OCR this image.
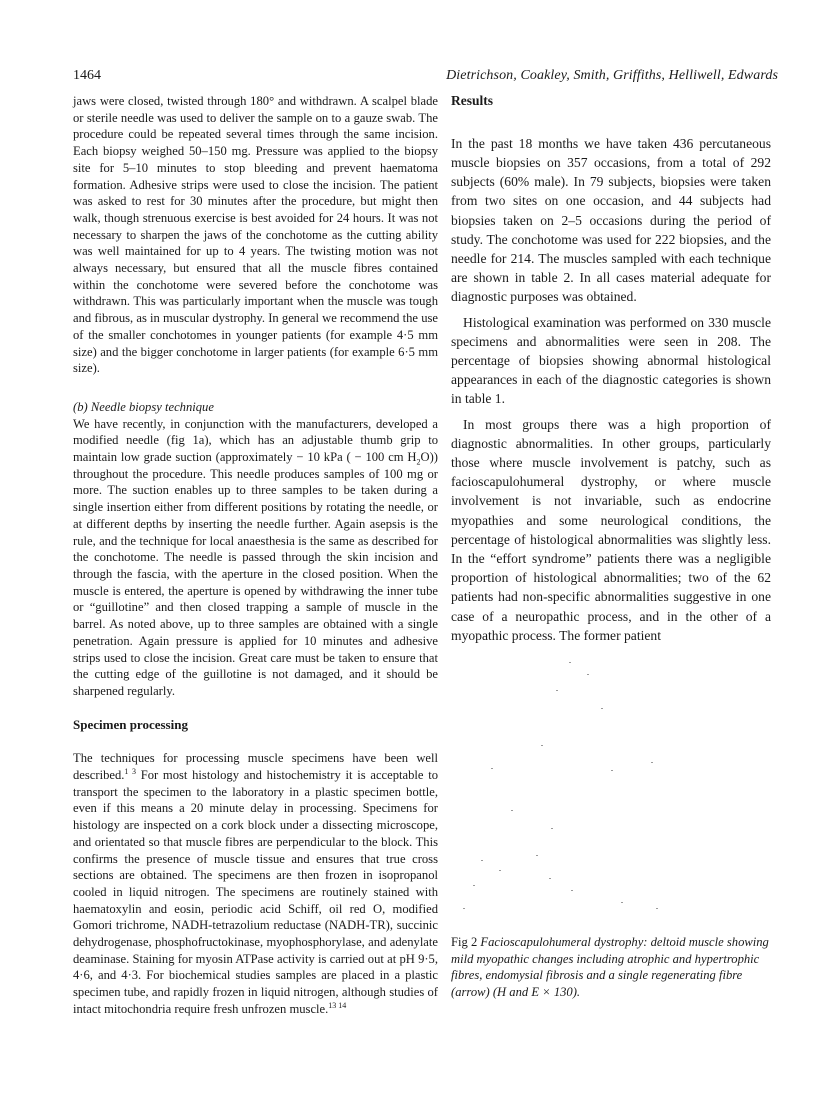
1464	Dietrichson, Coakley, Smith, Griffiths, Helliwell, Edwards

jaws were closed, twisted through 180° and withdrawn. A scalpel blade or sterile needle was used to deliver the sample on to a gauze swab. The procedure could be repeated several times through the same incision. Each biopsy weighed 50–150 mg. Pressure was applied to the biopsy site for 5–10 minutes to stop bleeding and prevent haematoma formation. Adhesive strips were used to close the incision. The patient was asked to rest for 30 minutes after the procedure, but might then walk, though strenuous exercise is best avoided for 24 hours. It was not necessary to sharpen the jaws of the conchotome as the cutting ability was well maintained for up to 4 years. The twisting motion was not always necessary, but ensured that all the muscle fibres contained within the conchotome were severed before the conchotome was withdrawn. This was particularly important when the muscle was tough and fibrous, as in muscular dystrophy. In general we recommend the use of the smaller conchotomes in younger patients (for example 4·5 mm size) and the bigger conchotome in larger patients (for example 6·5 mm size).

(b) Needle biopsy technique

We have recently, in conjunction with the manufacturers, developed a modified needle (fig 1a), which has an adjustable thumb grip to maintain low grade suction (approximately − 10 kPa ( − 100 cm $H_2O$)) throughout the procedure. This needle produces samples of 100 mg or more. The suction enables up to three samples to be taken during a single insertion either from different positions by rotating the needle, or at different depths by inserting the needle further. Again asepsis is the rule, and the technique for local anaesthesia is the same as described for the conchotome. The needle is passed through the skin incision and through the fascia, with the aperture in the closed position. When the muscle is entered, the aperture is opened by withdrawing the inner tube or “guillotine” and then closed trapping a sample of muscle in the barrel. As noted above, up to three samples are obtained with a single penetration. Again pressure is applied for 10 minutes and adhesive strips used to close the incision. Great care must be taken to ensure that the cutting edge of the guillotine is not damaged, and it should be sharpened regularly.

Specimen processing

The techniques for processing muscle specimens have been well described.$^{1 3}$ For most histology and histochemistry it is acceptable to transport the specimen to the laboratory in a plastic specimen bottle, even if this means a 20 minute delay in processing. Specimens for histology are inspected on a cork block under a dissecting microscope, and orientated so that muscle fibres are perpendicular to the block. This confirms the presence of muscle tissue and ensures that true cross sections are obtained. The specimens are then frozen in isopropanol cooled in liquid nitrogen. The specimens are routinely stained with haematoxylin and eosin, periodic acid Schiff, oil red O, modified Gomori trichrome, NADH-tetrazolium reductase (NADH-TR), succinic dehydrogenase, phosphofructokinase, myophosphorylase, and adenylate deaminase. Staining for myosin ATPase activity is carried out at pH 9·5, 4·6, and 4·3. For biochemical studies samples are placed in a plastic specimen tube, and rapidly frozen in liquid nitrogen, although studies of intact mitochondria require fresh unfrozen muscle.$^{13 14}$

Results

In the past 18 months we have taken 436 percutaneous muscle biopsies on 357 occasions, from a total of 292 subjects (60% male). In 79 subjects, biopsies were taken from two sites on one occasion, and 44 subjects had biopsies taken on 2–5 occasions during the period of study. The conchotome was used for 222 biopsies, and the needle for 214. The muscles sampled with each technique are shown in table 2. In all cases material adequate for diagnostic purposes was obtained.

Histological examination was performed on 330 muscle specimens and abnormalities were seen in 208. The percentage of biopsies showing abnormal histological appearances in each of the diagnostic categories is shown in table 1.

In most groups there was a high proportion of diagnostic abnormalities. In other groups, particularly those where muscle involvement is patchy, such as facioscapulohumeral dystrophy, or where muscle involvement is not invariable, such as endocrine myopathies and some neurological conditions, the percentage of histological abnormalities was slightly less. In the “effort syndrome” patients there was a negligible proportion of histological abnormalities; two of the 62 patients had non-specific abnormalities suggestive in one case of a neuropathic process, and in the other of a myopathic process. The former patient

Fig 2 Facioscapulohumeral dystrophy: deltoid muscle showing mild myopathic changes including atrophic and hypertrophic fibres, endomysial fibrosis and a single regenerating fibre (arrow) (H and E × 130).
